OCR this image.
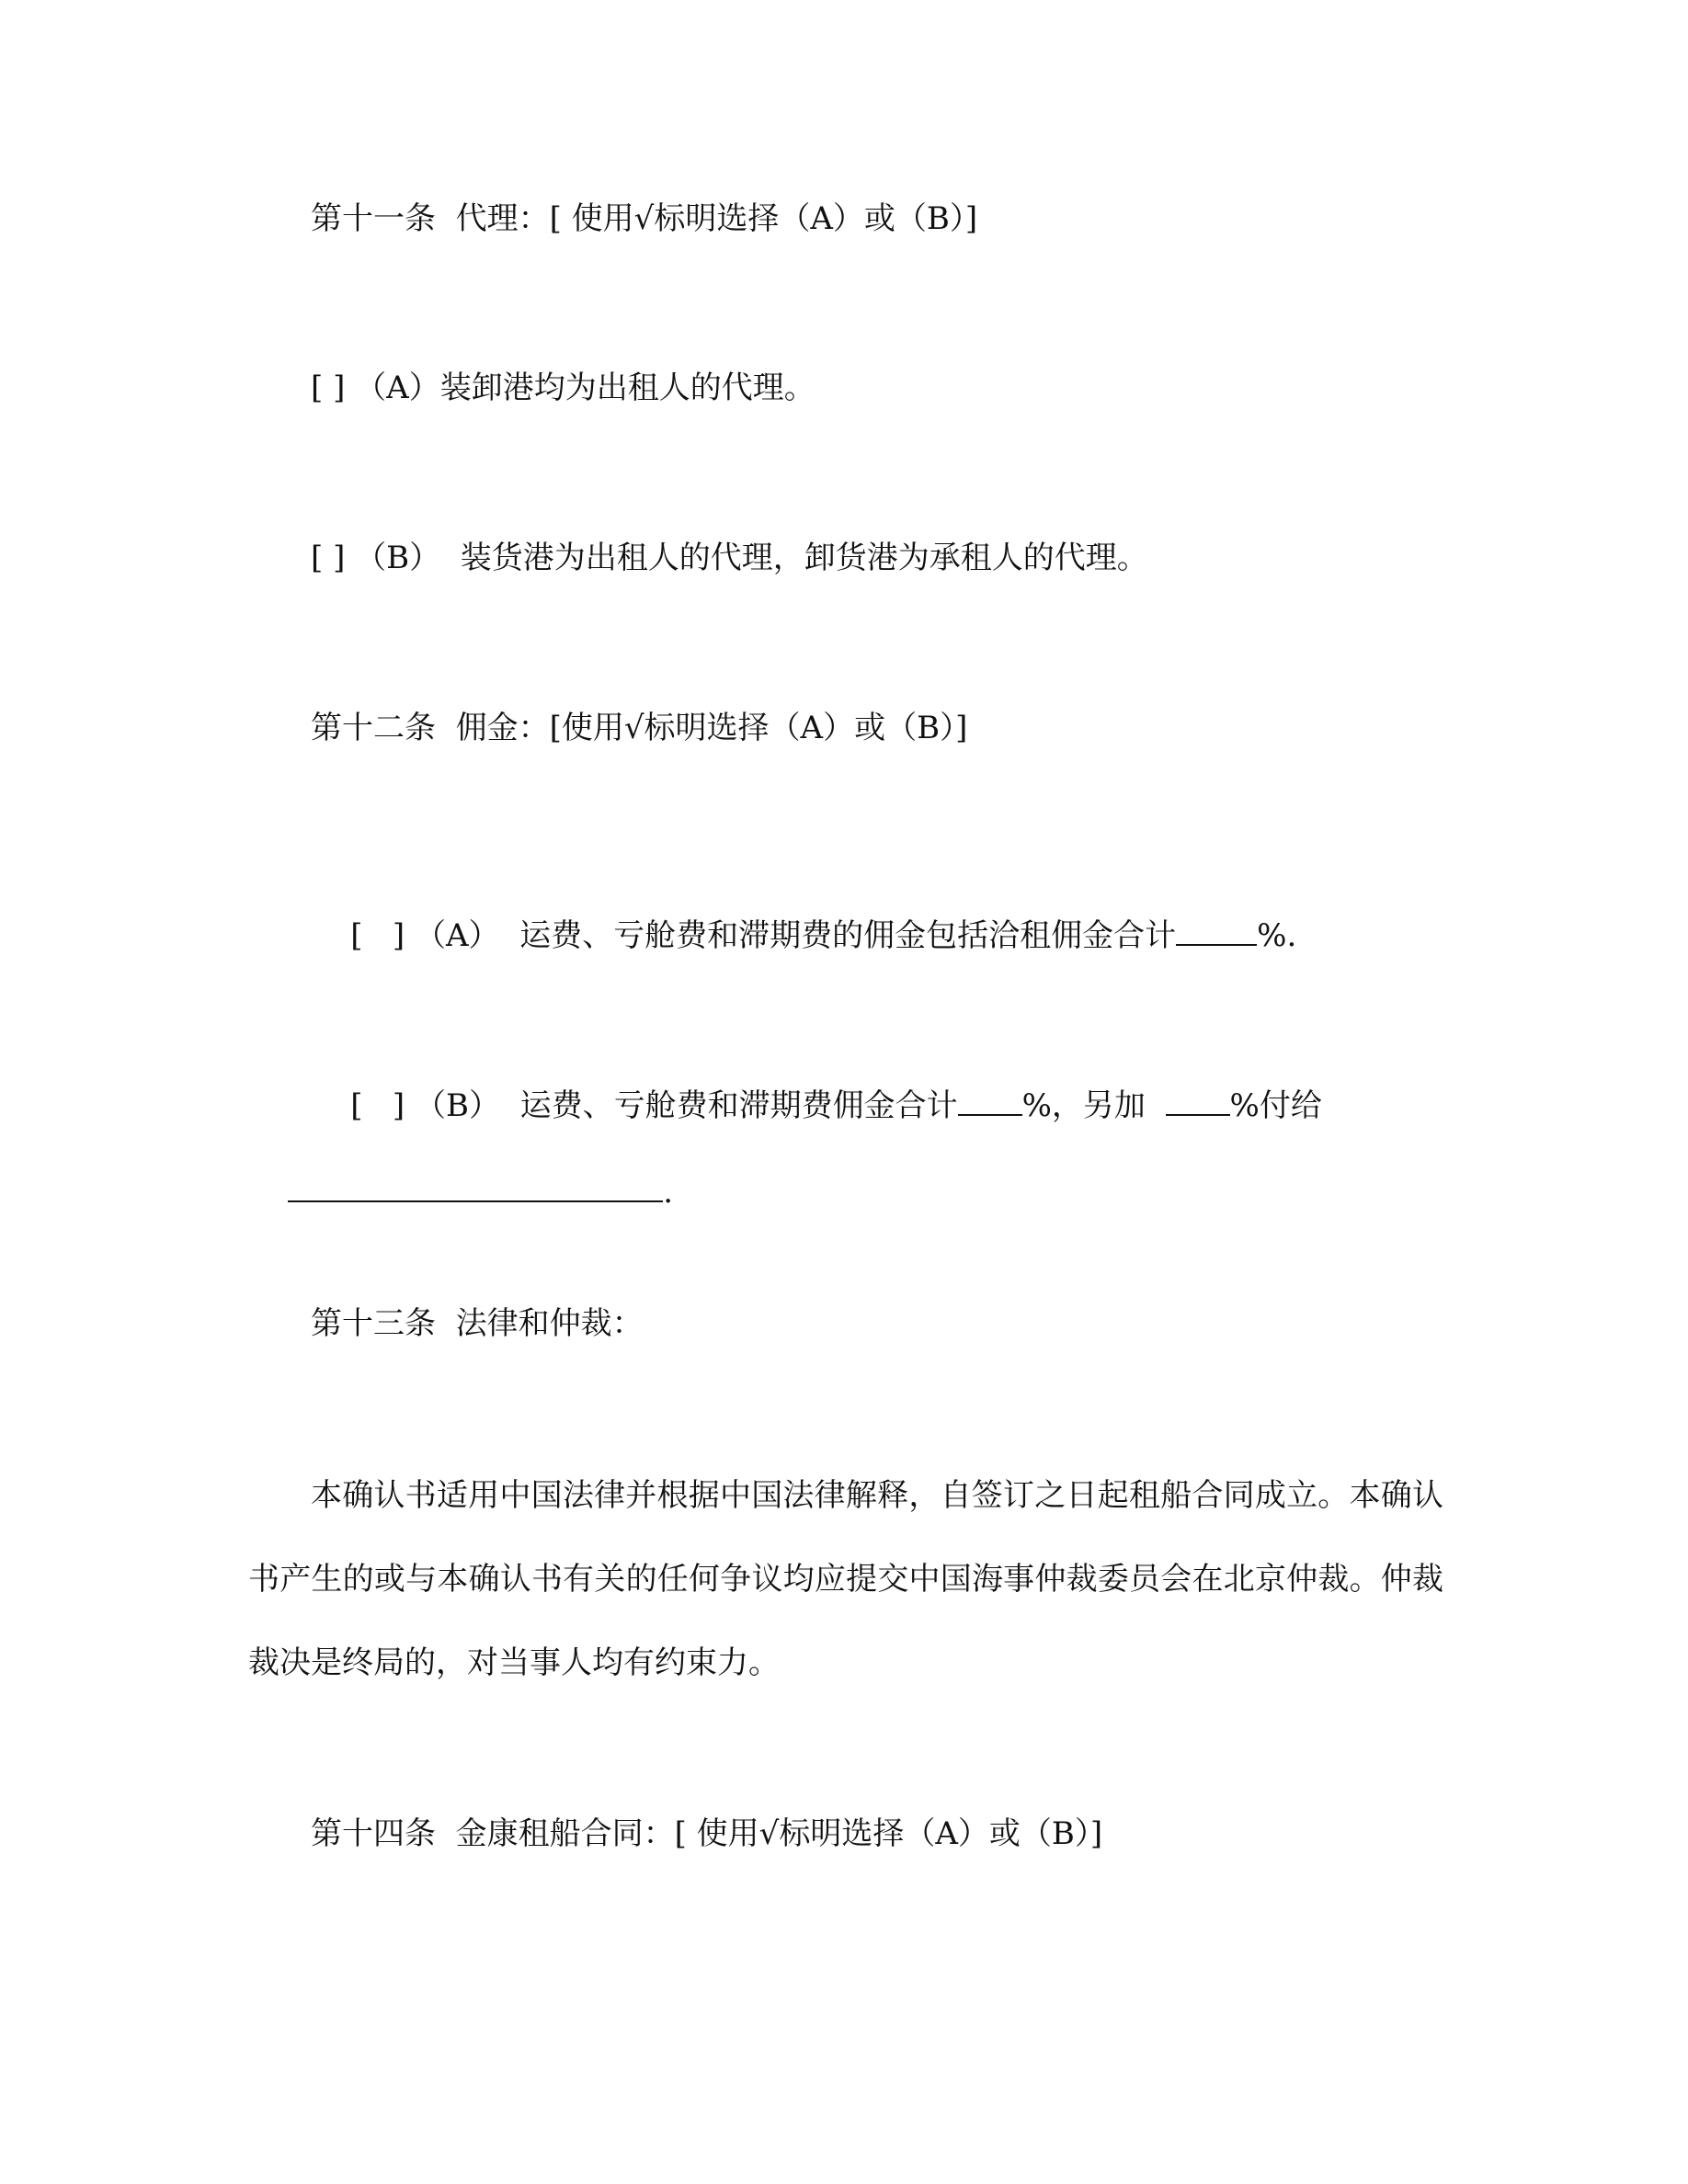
第十一条  代理：[ 使用√标明选择（A）或（B）]
[ ] （A）装卸港均为出租人的代理。
[ ] （B）  装货港为出租人的代理，卸货港为承租人的代理。
第十二条  佣金：[使用√标明选择（A）或（B）]

[   ] （A）  运费、亏舱费和滞期费的佣金包括洽租佣金合计	%.

[   ] （B）  运费、亏舱费和滞期费佣金合计 %，另加  %付给

.

第十三条  法律和仲裁：
本确认书适用中国法律并根据中国法律解释，自签订之日起租船合同成立。本确认书产生的或与本确认书有关的任何争议均应提交中国海事仲裁委员会在北京仲裁。仲裁裁决是终局的，对当事人均有约束力。
第十四条  金康租船合同：[ 使用√标明选择（A）或（B）]
